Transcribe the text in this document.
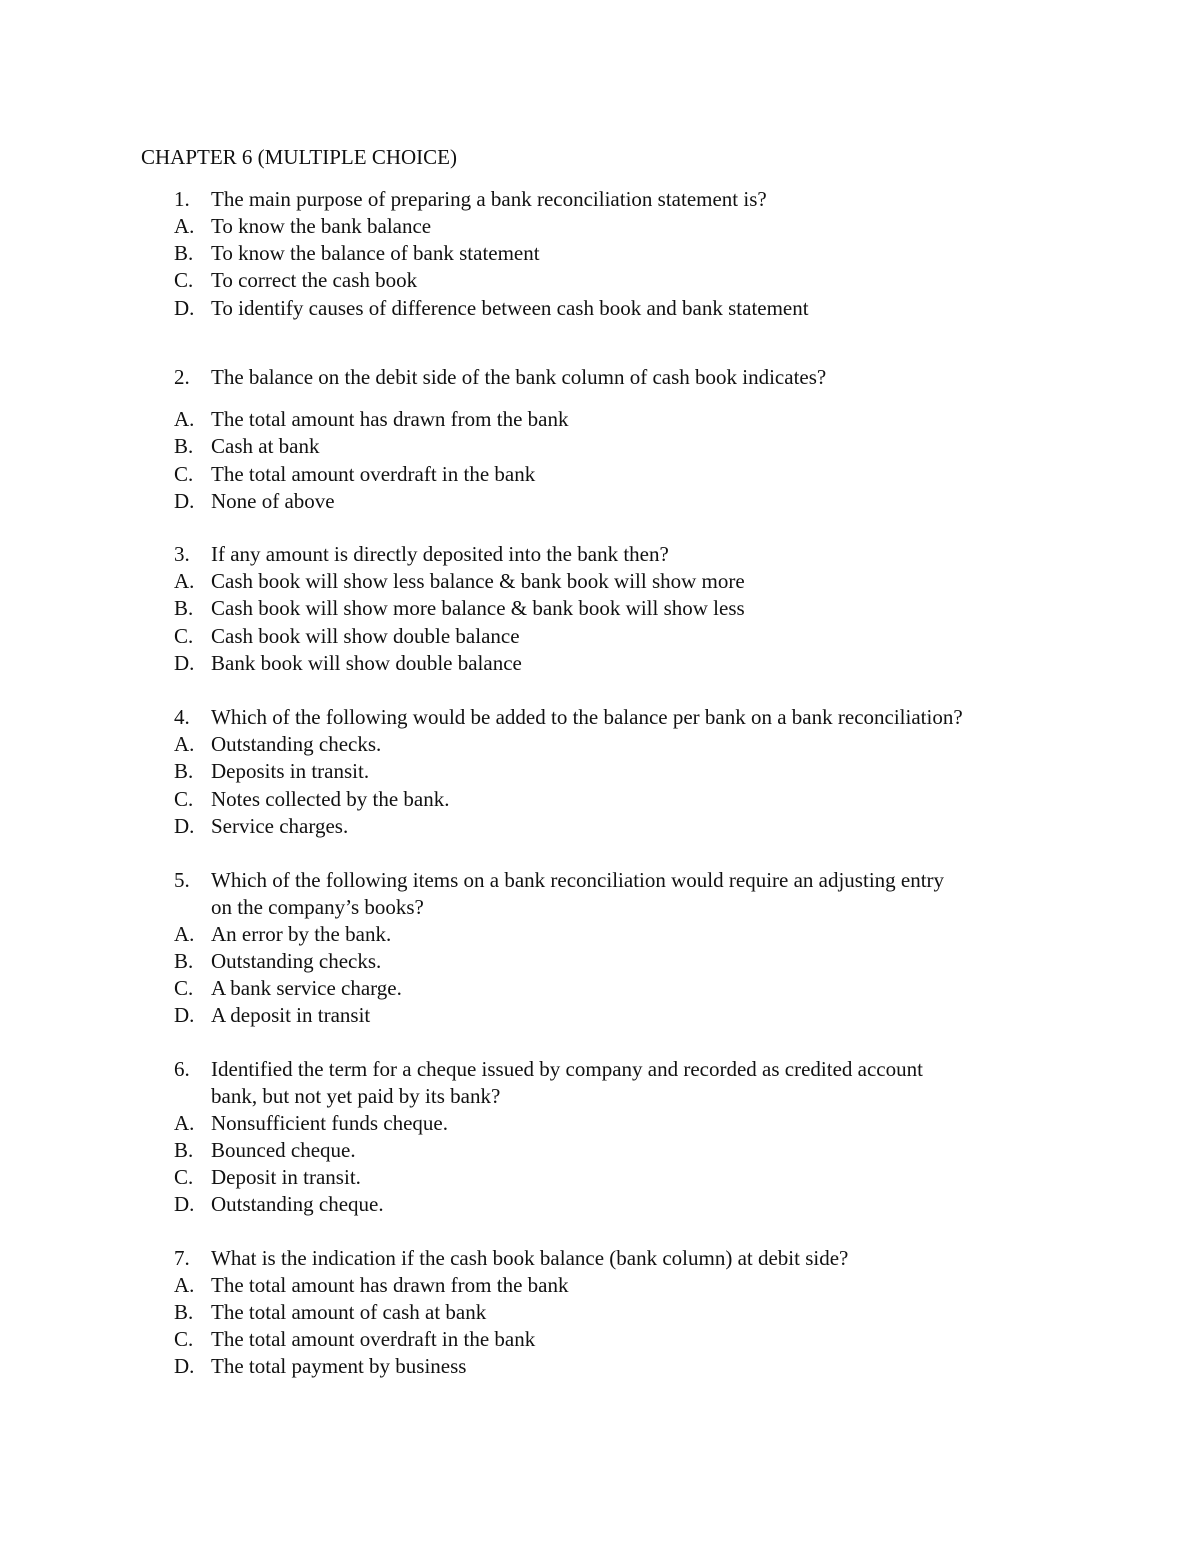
CHAPTER 6 (MULTIPLE CHOICE)
1. The main purpose of preparing a bank reconciliation statement is?
A. To know the bank balance
B. To know the balance of bank statement
C. To correct the cash book
D. To identify causes of difference between cash book and bank statement
2. The balance on the debit side of the bank column of cash book indicates?
A. The total amount has drawn from the bank
B. Cash at bank
C. The total amount overdraft in the bank
D. None of above
3. If any amount is directly deposited into the bank then?
A. Cash book will show less balance & bank book will show more
B. Cash book will show more balance & bank book will show less
C. Cash book will show double balance
D. Bank book will show double balance
4. Which of the following would be added to the balance per bank on a bank reconciliation?
A. Outstanding checks.
B. Deposits in transit.
C. Notes collected by the bank.
D. Service charges.
5. Which of the following items on a bank reconciliation would require an adjusting entry
on the company’s books?
A. An error by the bank.
B. Outstanding checks.
C. A bank service charge.
D. A deposit in transit
6. Identified the term for a cheque issued by company and recorded as credited account
bank, but not yet paid by its bank?
A. Nonsufficient funds cheque.
B. Bounced cheque.
C. Deposit in transit.
D. Outstanding cheque.
7. What is the indication if the cash book balance (bank column) at debit side?
A. The total amount has drawn from the bank
B. The total amount of cash at bank
C. The total amount overdraft in the bank
D. The total payment by business
